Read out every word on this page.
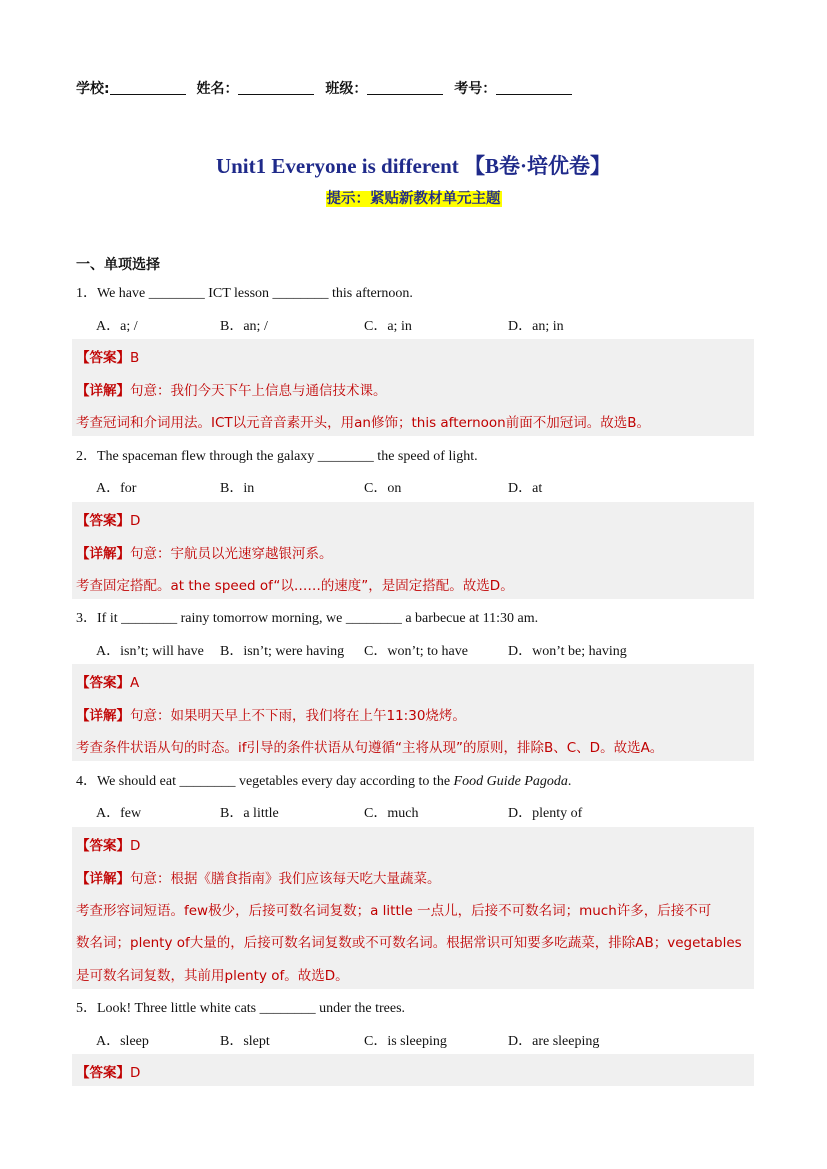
学校:	姓名：	班级：	考号：
Unit1 Everyone is different 【B卷·培优卷】
提示：紧贴新教材单元主题
一、单项选择
1．We have ________ ICT lesson ________ this afternoon.
A．a; /	B．an; /	C．a; in	D．an; in
【答案】B
【详解】句意：我们今天下午上信息与通信技术课。
考查冠词和介词用法。ICT以元音音素开头，用an修饰；this afternoon前面不加冠词。故选B。
2．The spaceman flew through the galaxy ________ the speed of light.
A．for	B．in	C．on	D．at
【答案】D
【详解】句意：宇航员以光速穿越银河系。
考查固定搭配。at the speed of“以……的速度”，是固定搭配。故选D。
3．If it ________ rainy tomorrow morning, we ________ a barbecue at 11:30 am.
A．isn’t; will have B．isn’t; were having C．won’t; to have	D．won’t be; having
【答案】A
【详解】句意：如果明天早上不下雨，我们将在上午11:30烧烤。
考查条件状语从句的时态。if引导的条件状语从句遵循“主将从现”的原则，排除B、C、D。故选A。
4．We should eat ________ vegetables every day according to the Food Guide Pagoda.
A．few	B．a little	C．much	D．plenty of
【答案】D
【详解】句意：根据《膳食指南》我们应该每天吃大量蔬菜。
考查形容词短语。few极少，后接可数名词复数；a little 一点儿，后接不可数名词；much许多，后接不可
数名词；plenty of大量的，后接可数名词复数或不可数名词。根据常识可知要多吃蔬菜，排除AB；vegetables
是可数名词复数，其前用plenty of。故选D。
5．Look! Three little white cats ________ under the trees.
A．sleep	B．slept	C．is sleeping	D．are sleeping
【答案】D
